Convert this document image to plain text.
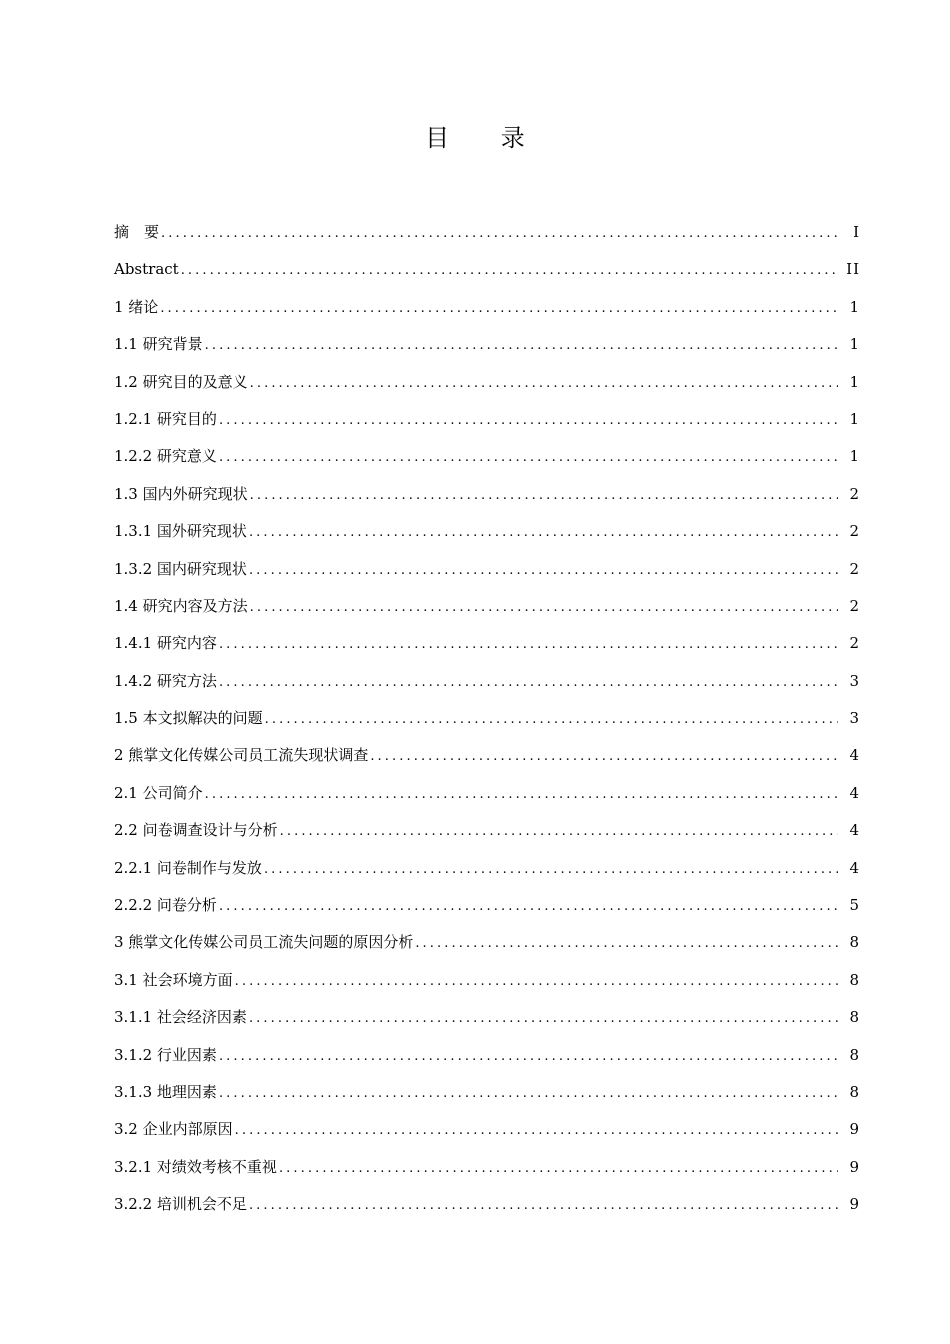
目 录
摘　要 .....	I
Abstract .....	II
1 绪论 .....	1
1.1 研究背景 .....	1
1.2 研究目的及意义 .....	1
1.2.1 研究目的 .....	1
1.2.2 研究意义 .....	1
1.3 国内外研究现状 .....	2
1.3.1 国外研究现状 .....	2
1.3.2 国内研究现状 .....	2
1.4 研究内容及方法 .....	2
1.4.1 研究内容 .....	2
1.4.2 研究方法 .....	3
1.5 本文拟解决的问题 .....	3
2 熊掌文化传媒公司员工流失现状调查 .....	4
2.1 公司简介 .....	4
2.2 问卷调查设计与分析 .....	4
2.2.1 问卷制作与发放 .....	4
2.2.2 问卷分析 .....	5
3 熊掌文化传媒公司员工流失问题的原因分析 .....	8
3.1 社会环境方面 .....	8
3.1.1 社会经济因素 .....	8
3.1.2 行业因素 .....	8
3.1.3 地理因素 .....	8
3.2 企业内部原因 .....	9
3.2.1 对绩效考核不重视 .....	9
3.2.2 培训机会不足 .....	9
